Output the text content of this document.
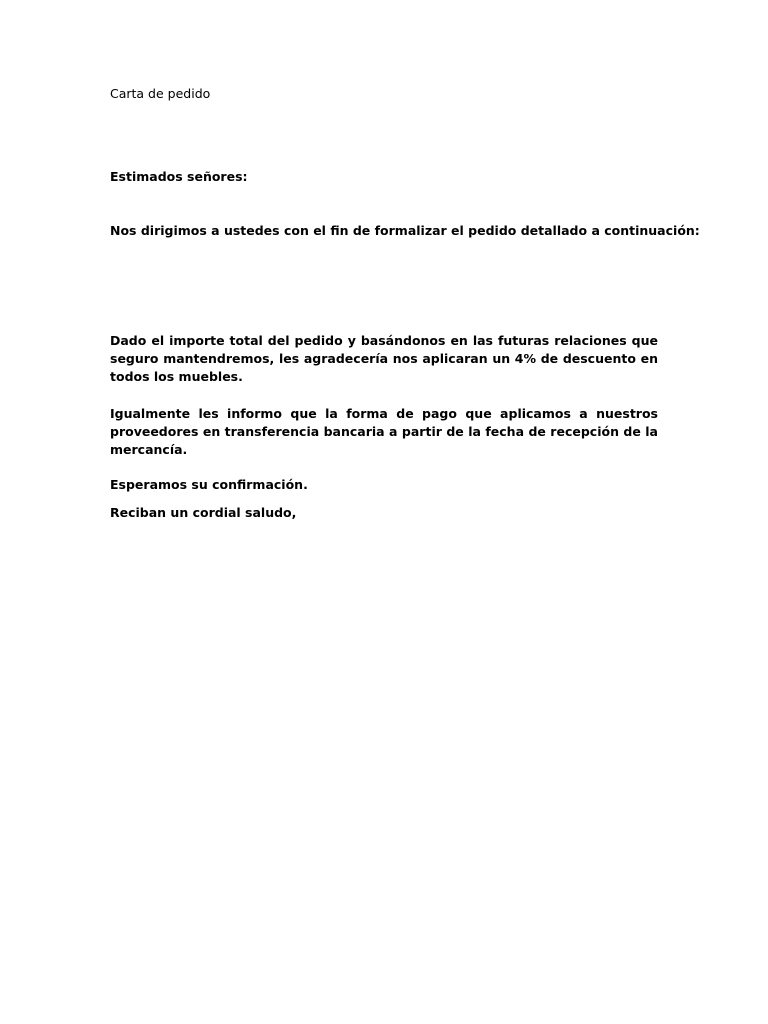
Carta de pedido
Estimados señores:
Nos dirigimos a ustedes con el fin de formalizar el pedido detallado a continuación:
Dado el importe total del pedido y basándonos en las futuras relaciones que seguro mantendremos, les agradecería nos aplicaran un 4% de descuento en todos los muebles.
Igualmente les informo que la forma de pago que aplicamos a nuestros proveedores en transferencia bancaria a partir de la fecha de recepción de la mercancía.
Esperamos su confirmación.
Reciban un cordial saludo,
